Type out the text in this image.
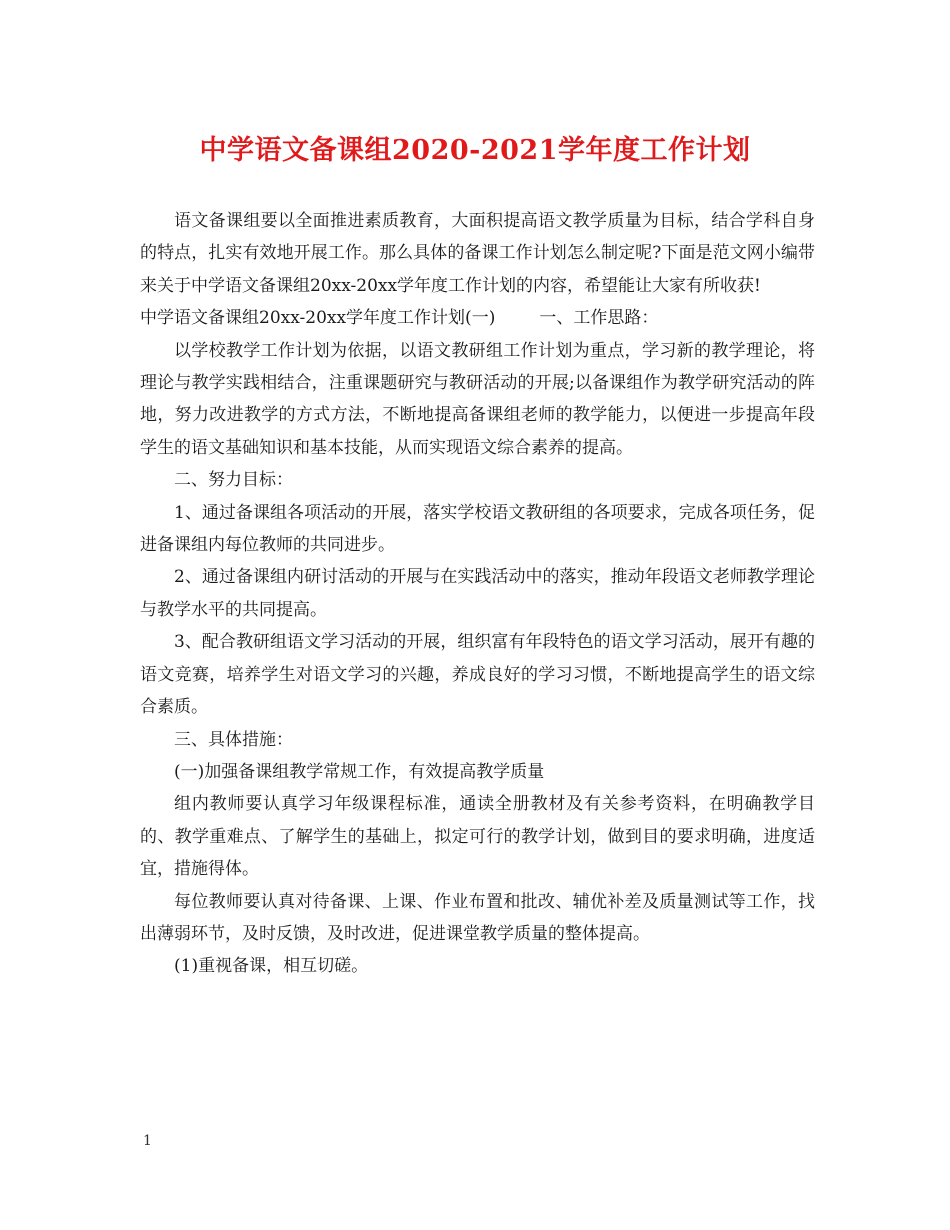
中学语文备课组2020-2021学年度工作计划

语文备课组要以全面推进素质教育，大面积提高语文教学质量为目标，结合学科自身的特点，扎实有效地开展工作。那么具体的备课工作计划怎么制定呢?下面是范文网小编带来关于中学语文备课组20xx-20xx学年度工作计划的内容，希望能让大家有所收获!

中学语文备课组20xx-20xx学年度工作计划(一)	一、工作思路：

以学校教学工作计划为依据，以语文教研组工作计划为重点，学习新的教学理论，将理论与教学实践相结合，注重课题研究与教研活动的开展;以备课组作为教学研究活动的阵地，努力改进教学的方式方法，不断地提高备课组老师的教学能力，以便进一步提高年段学生的语文基础知识和基本技能，从而实现语文综合素养的提高。

二、努力目标：

1、通过备课组各项活动的开展，落实学校语文教研组的各项要求，完成各项任务，促进备课组内每位教师的共同进步。

2、通过备课组内研讨活动的开展与在实践活动中的落实，推动年段语文老师教学理论与教学水平的共同提高。

3、配合教研组语文学习活动的开展，组织富有年段特色的语文学习活动，展开有趣的语文竞赛，培养学生对语文学习的兴趣，养成良好的学习习惯，不断地提高学生的语文综合素质。

三、具体措施：

(一)加强备课组教学常规工作，有效提高教学质量

组内教师要认真学习年级课程标准，通读全册教材及有关参考资料，在明确教学目的、教学重难点、了解学生的基础上，拟定可行的教学计划，做到目的要求明确，进度适宜，措施得体。

每位教师要认真对待备课、上课、作业布置和批改、辅优补差及质量测试等工作，找出薄弱环节，及时反馈，及时改进，促进课堂教学质量的整体提高。

(1)重视备课，相互切磋。

1
